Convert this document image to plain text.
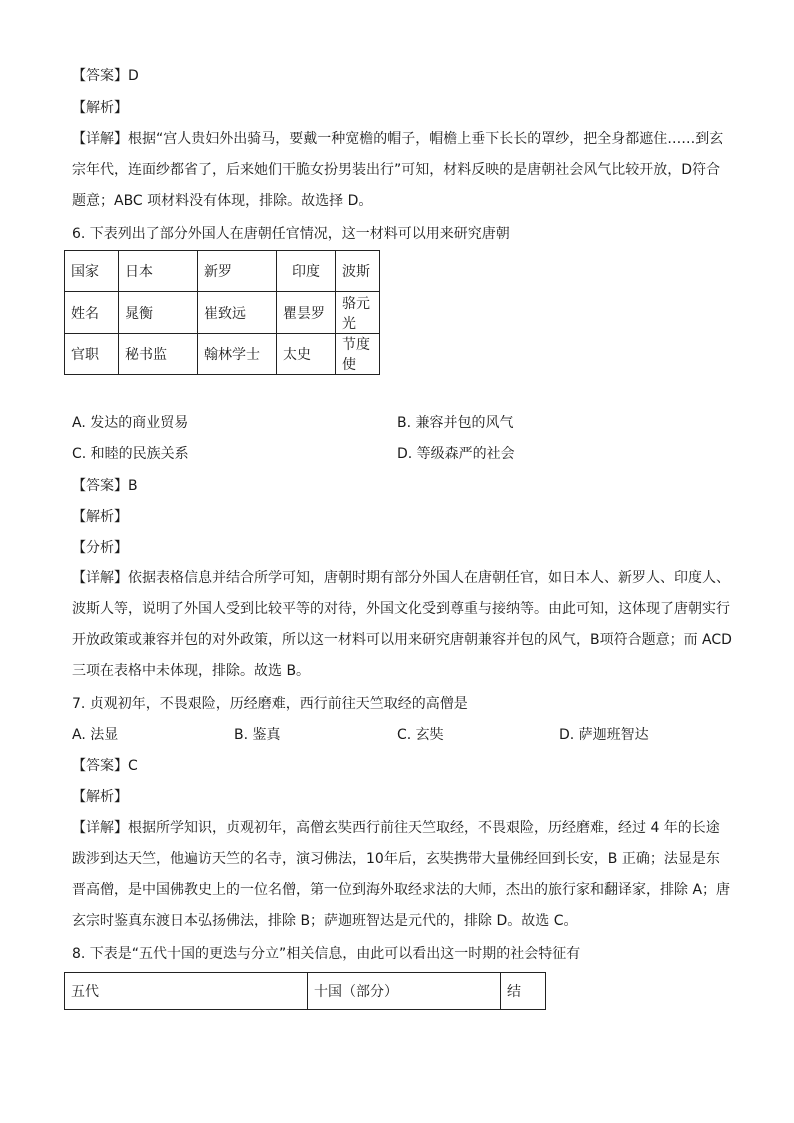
【答案】D
【解析】
【详解】根据“宫人贵妇外出骑马，要戴一种宽檐的帽子，帽檐上垂下长长的罩纱，把全身都遮住……到玄宗年代，连面纱都省了，后来她们干脆女扮男装出行”可知，材料反映的是唐朝社会风气比较开放，D符合题意；ABC 项材料没有体现，排除。故选择 D。
6. 下表列出了部分外国人在唐朝任官情况，这一材料可以用来研究唐朝
国家	日本	新罗	印度	波斯
姓名	晁衡	崔致远	瞿昙罗	骆元光
官职	秘书监	翰林学士	太史	节度使
A. 发达的商业贸易	B. 兼容并包的风气
C. 和睦的民族关系	D. 等级森严的社会
【答案】B
【解析】
【分析】
【详解】依据表格信息并结合所学可知，唐朝时期有部分外国人在唐朝任官，如日本人、新罗人、印度人、波斯人等，说明了外国人受到比较平等的对待，外国文化受到尊重与接纳等。由此可知，这体现了唐朝实行开放政策或兼容并包的对外政策，所以这一材料可以用来研究唐朝兼容并包的风气，B项符合题意；而 ACD 三项在表格中未体现，排除。故选 B。
7. 贞观初年，不畏艰险，历经磨难，西行前往天竺取经的高僧是
A. 法显	B. 鉴真	C. 玄奘	D. 萨迦班智达
【答案】C
【解析】
【详解】根据所学知识，贞观初年，高僧玄奘西行前往天竺取经，不畏艰险，历经磨难，经过 4 年的长途跋涉到达天竺，他遍访天竺的名寺，演习佛法，10年后，玄奘携带大量佛经回到长安，B 正确；法显是东晋高僧，是中国佛教史上的一位名僧，第一位到海外取经求法的大师，杰出的旅行家和翻译家，排除 A；唐玄宗时鉴真东渡日本弘扬佛法，排除 B；萨迦班智达是元代的，排除 D。故选 C。
8. 下表是“五代十国的更迭与分立”相关信息，由此可以看出这一时期的社会特征有
五代	十国（部分）	结
